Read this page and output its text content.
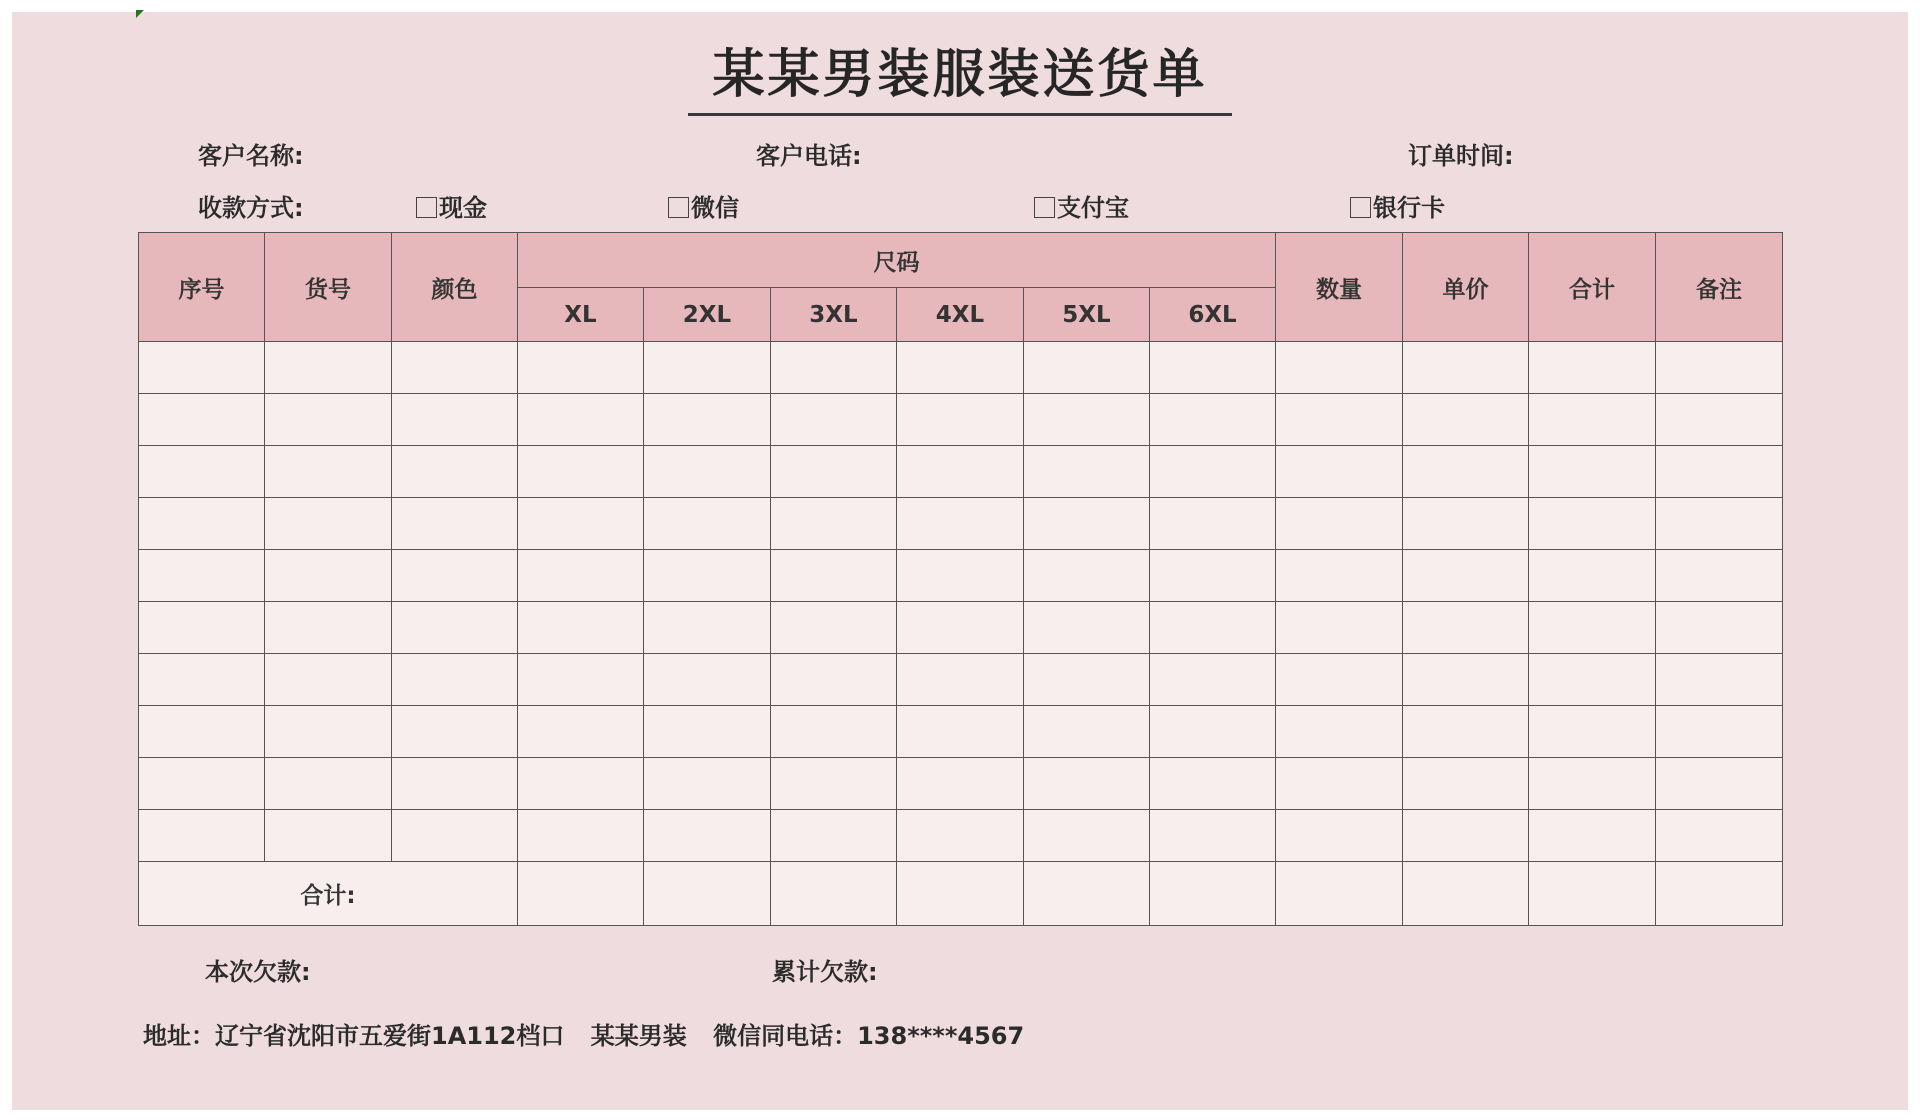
某某男装服装送货单
客户名称:	客户电话:	订单时间:
收款方式:	现金	微信	支付宝	银行卡
序号	货号	颜色	尺码						数量	单价	合计	备注
			XL	2XL	3XL	4XL	5XL	6XL				

合计:												
本次欠款:	累计欠款:
地址：辽宁省沈阳市五爱街1A112档口 某某男装 微信同电话：138****4567
